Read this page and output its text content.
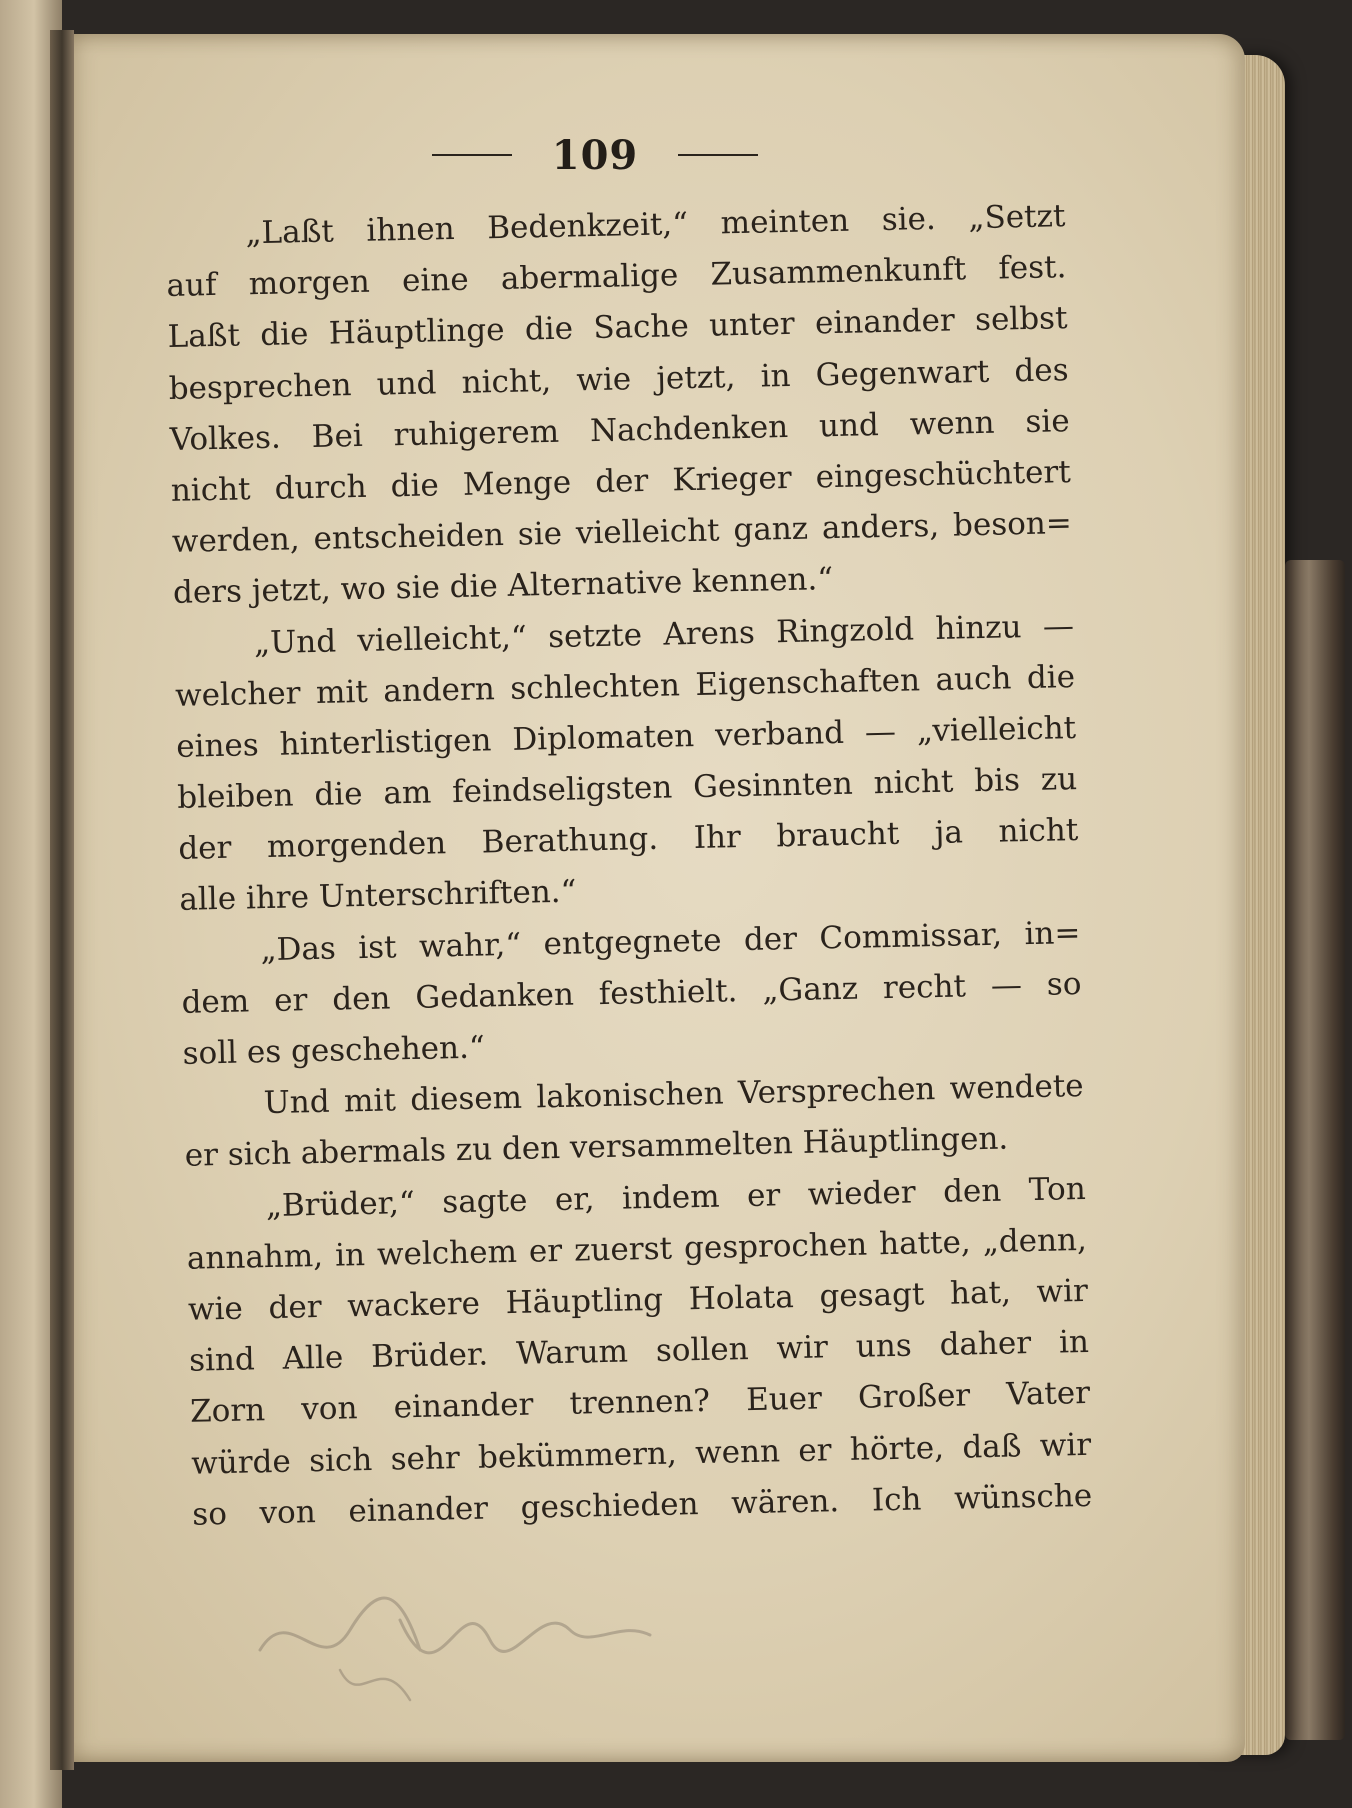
109
„Laßt ihnen Bedenkzeit,“ meinten sie. „Setzt
auf morgen eine abermalige Zusammenkunft fest.
Laßt die Häuptlinge die Sache unter einander selbst
besprechen und nicht, wie jetzt, in Gegenwart des
Volkes. Bei ruhigerem Nachdenken und wenn sie
nicht durch die Menge der Krieger eingeschüchtert
werden, entscheiden sie vielleicht ganz anders, beson=
ders jetzt, wo sie die Alternative kennen.“
„Und vielleicht,“ setzte Arens Ringzold hinzu —
welcher mit andern schlechten Eigenschaften auch die
eines hinterlistigen Diplomaten verband — „vielleicht
bleiben die am feindseligsten Gesinnten nicht bis zu
der morgenden Berathung. Ihr braucht ja nicht
alle ihre Unterschriften.“
„Das ist wahr,“ entgegnete der Commissar, in=
dem er den Gedanken festhielt. „Ganz recht — so
soll es geschehen.“
Und mit diesem lakonischen Versprechen wendete
er sich abermals zu den versammelten Häuptlingen.
„Brüder,“ sagte er, indem er wieder den Ton
annahm, in welchem er zuerst gesprochen hatte, „denn,
wie der wackere Häuptling Holata gesagt hat, wir
sind Alle Brüder. Warum sollen wir uns daher in
Zorn von einander trennen? Euer Großer Vater
würde sich sehr bekümmern, wenn er hörte, daß wir
so von einander geschieden wären. Ich wünsche
